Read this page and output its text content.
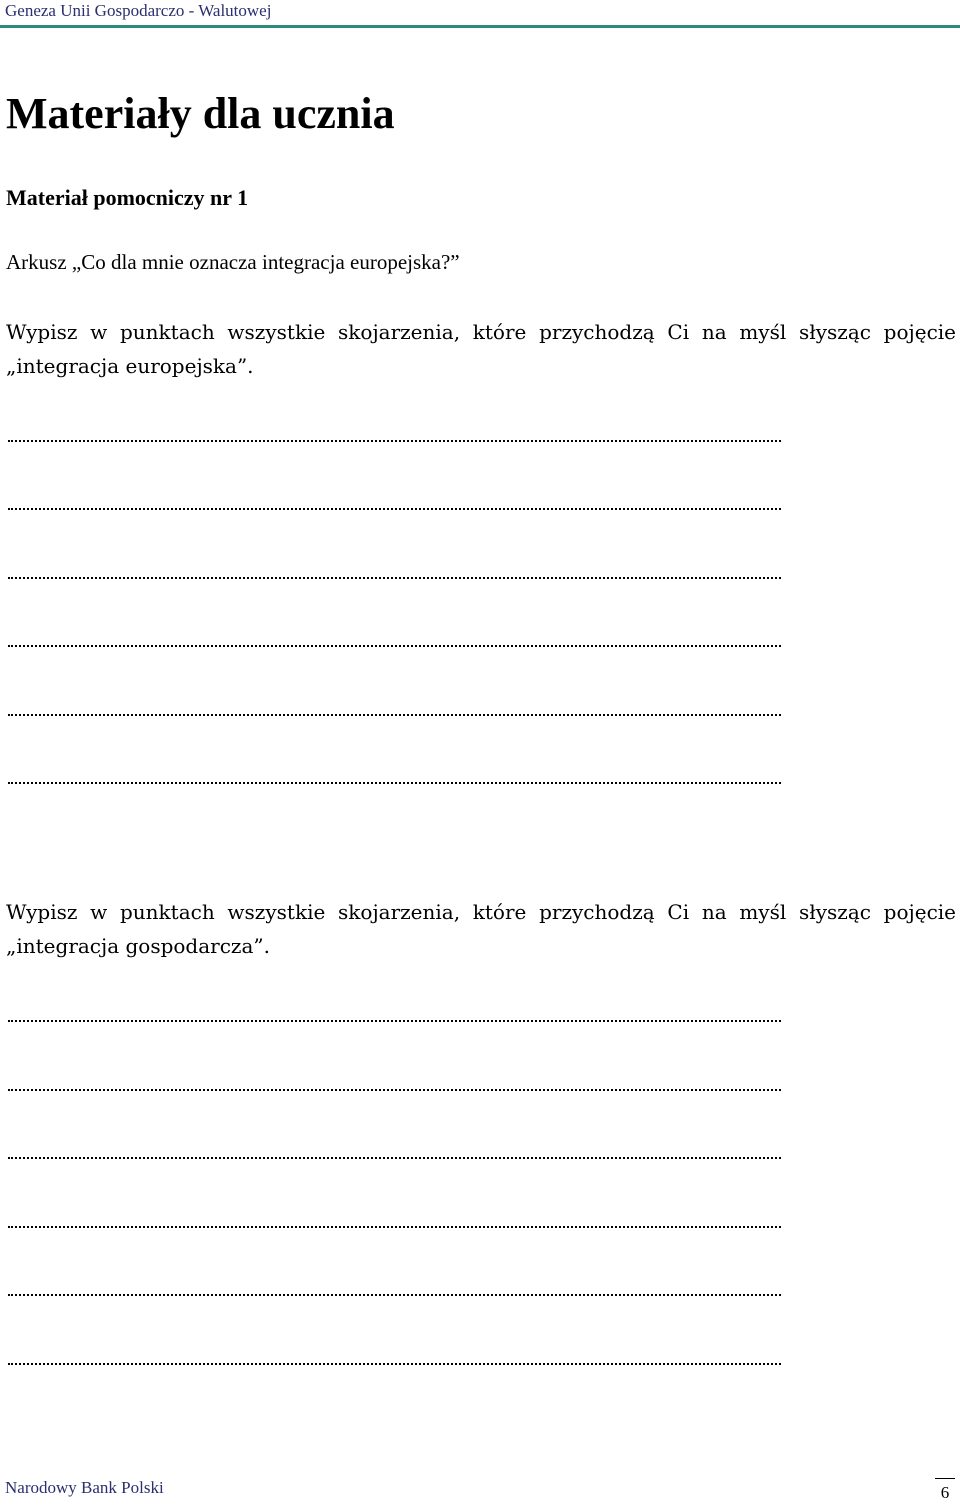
Geneza Unii Gospodarczo - Walutowej
Materiały dla ucznia
Materiał pomocniczy nr 1
Arkusz „Co dla mnie oznacza integracja europejska?”
Wypisz w punktach wszystkie skojarzenia, które przychodzą Ci na myśl słysząc pojęcie
„integracja europejska”.
Wypisz w punktach wszystkie skojarzenia, które przychodzą Ci na myśl słysząc pojęcie
„integracja gospodarcza”.
Narodowy Bank Polski	6
